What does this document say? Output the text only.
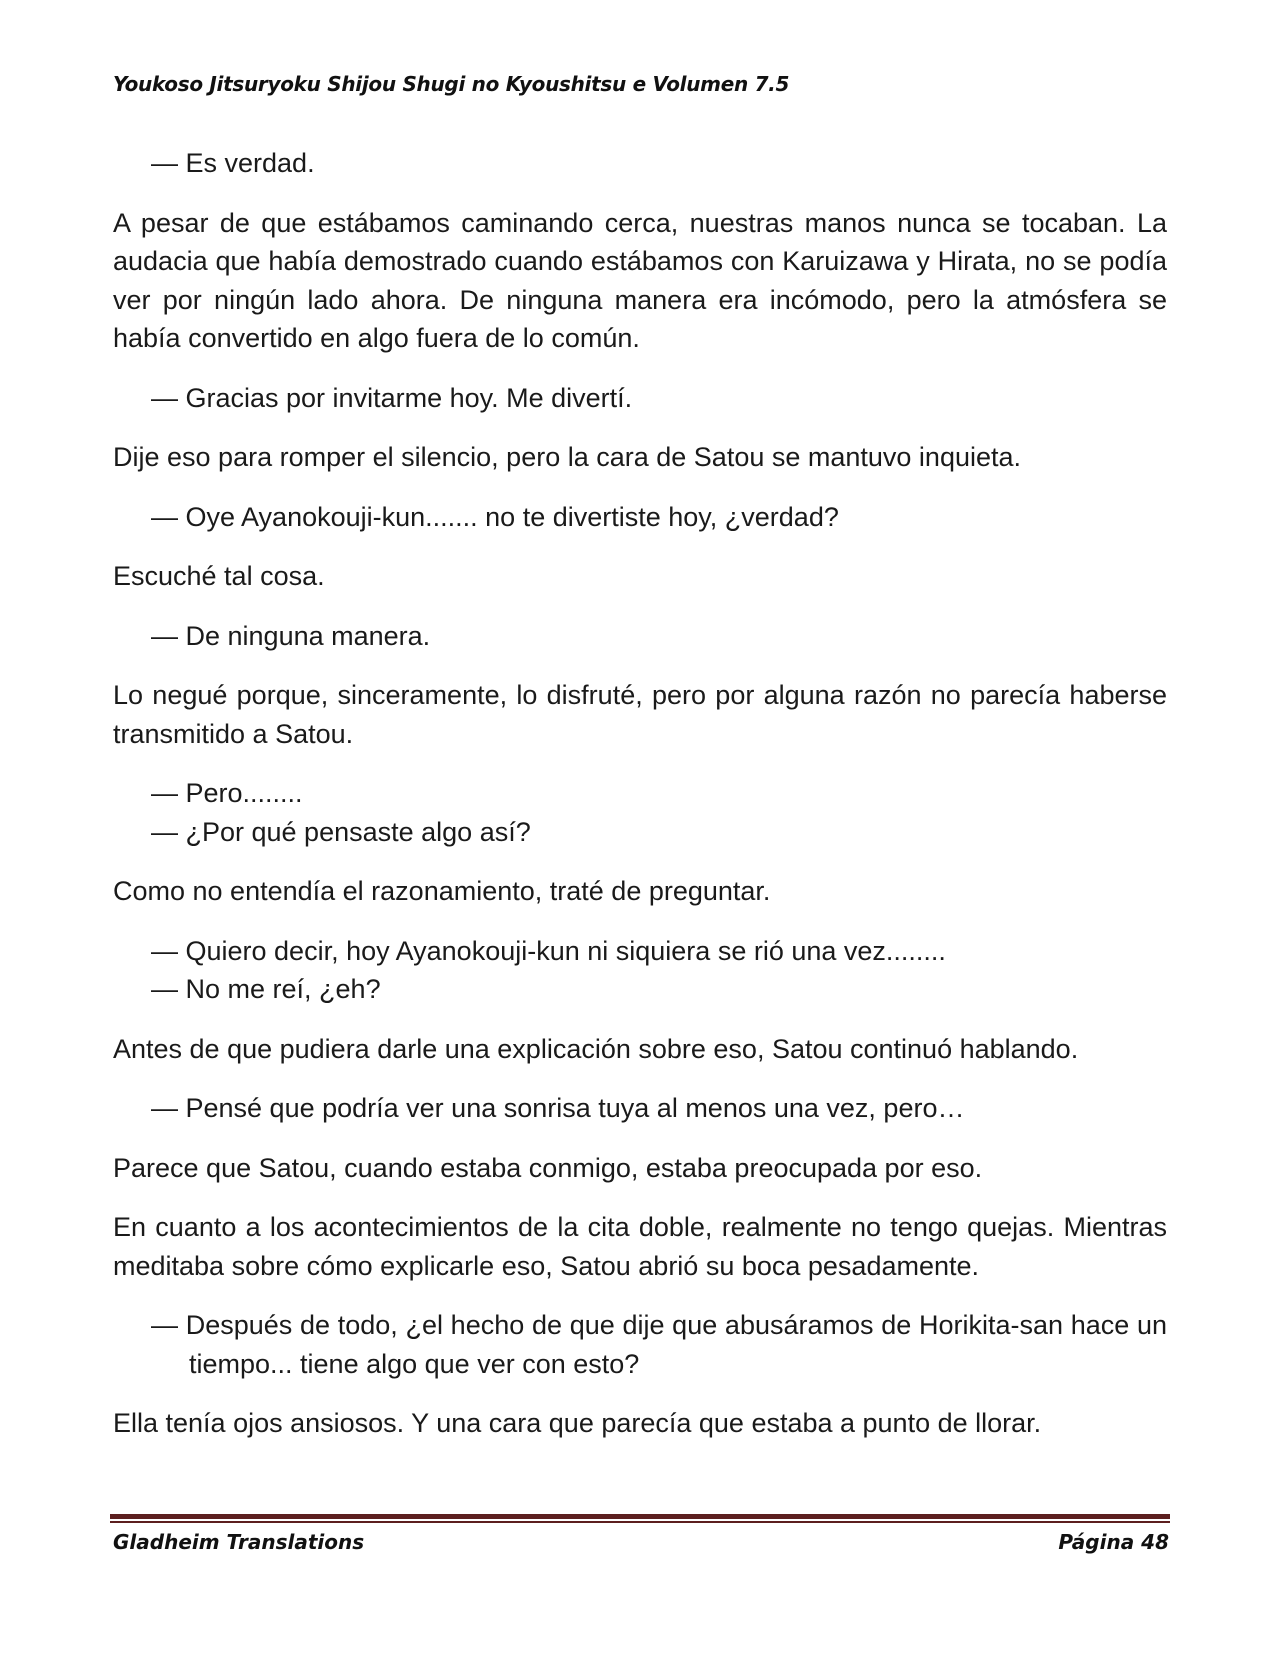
Youkoso Jitsuryoku Shijou Shugi no Kyoushitsu e Volumen 7.5

— Es verdad.

A pesar de que estábamos caminando cerca, nuestras manos nunca se tocaban. La audacia que había demostrado cuando estábamos con Karuizawa y Hirata, no se podía ver por ningún lado ahora. De ninguna manera era incómodo, pero la atmósfera se había convertido en algo fuera de lo común.

— Gracias por invitarme hoy. Me divertí.

Dije eso para romper el silencio, pero la cara de Satou se mantuvo inquieta.

— Oye Ayanokouji-kun....... no te divertiste hoy, ¿verdad?

Escuché tal cosa.

— De ninguna manera.

Lo negué porque, sinceramente, lo disfruté, pero por alguna razón no parecía haberse transmitido a Satou.

— Pero........

— ¿Por qué pensaste algo así?

Como no entendía el razonamiento, traté de preguntar.

— Quiero decir, hoy Ayanokouji-kun ni siquiera se rió una vez........

— No me reí, ¿eh?

Antes de que pudiera darle una explicación sobre eso, Satou continuó hablando.

— Pensé que podría ver una sonrisa tuya al menos una vez, pero…

Parece que Satou, cuando estaba conmigo, estaba preocupada por eso.

En cuanto a los acontecimientos de la cita doble, realmente no tengo quejas. Mientras meditaba sobre cómo explicarle eso, Satou abrió su boca pesadamente.

— Después de todo, ¿el hecho de que dije que abusáramos de Horikita-san hace un tiempo... tiene algo que ver con esto?

Ella tenía ojos ansiosos. Y una cara que parecía que estaba a punto de llorar.

Gladheim Translations	Página 48
